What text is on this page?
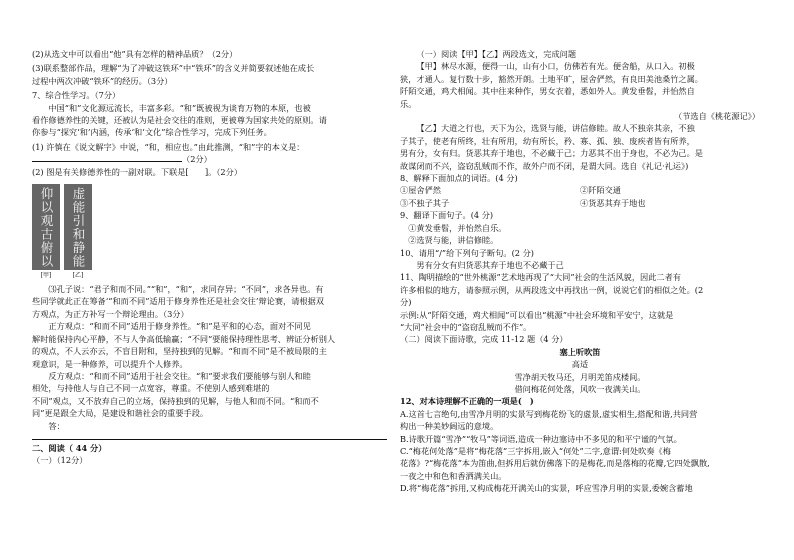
(2)从选文中可以看出“他”具有怎样的精神品质？（2分）

(3)联系整部作品，理解“为了冲破这铁环”中“铁环”的含义并简要叙述他在成长

过程中两次冲破“铁环”的经历。（3分）

7、综合性学习。（7分）

中国“和”文化源远流长，丰富多彩。“和”既被视为谈育万物的本原，也被

看作修德养性的关键，还被认为是社会交往的准则，更被尊为国家共处的原则。请

你参与“探究‘和’内涵，传承‘和’文化”综合性学习，完成下列任务。

(1) 许慎在《说文解字》中说，“和，相应也。”由此推测，“和”字的本义是：

（2分）

(2) 图是有关修德养性的一副对联。下联是[　　]。（2分）

仰以观古俯以
虚能引和静能
[甲]	[乙]

⑶孔子说：“君子和而不同。”“和”，“和”，求同存异；“不同”，求各异也。有

些同学就此正在筹备‘“和而不同”适用于修身养性还是社会交往’辩论赛，请根据双

方观点，为正方补写一个辩论理由。（3分）

正方观点：“和而不同”适用于修身养性。“和”是平和的心态，面对不同见

解时能保持内心平静，不与人争高低输赢；“不同”要能保持理性思考、辨证分析别人

的观点，不人云亦云，不盲目附和，坚持独到的见解。“和而不同”是不被局限的主

观意识，是一种修养，可以提升个人修养。

反方观点：“和而不同”适用于社会交往。“和”要求我们要能够与别人和睦

相处，与持他人与自己不同一点宽容，尊重。不使别人感到难堪的

不同”观点，又不放弃自己的立场，保持独到的见解，与他人和而不同。“和而不

同”更是跟全大局，是建设和谐社会的重要手段。

答：

二、阅读（ 44 分）

（一）（12分）

（一）阅读【甲】【乙】两段选文，完成问题

【甲】林尽水源，便得一山，山有小口，仿佛若有光。便舍船，从口入。初极

狭，才通人。复行数十步，豁然开朗。土地平旷，屋舍俨然，有良田美池桑竹之属。

阡陌交通，鸡犬相闻。其中往来种作，男女衣着，悉如外人。黄发垂髫，并怡然自

乐。

（节选自《桃花源记》）

【乙】大道之行也，天下为公，选贤与能，讲信修睦。故人不独亲其亲，不独

子其子，使老有所终，壮有所用，幼有所长，矜、寡、孤、独、废疾者皆有所养，

男有分，女有归。货恶其弃于地也，不必藏于己；力恶其不出于身也，不必为己。是

故谋闭而不兴，盗窃乱贼而不作，故外户而不闭，是谓大同。选自《礼记·礼运》)

8、解释下面加点的词语。(4 分)

①屋舍俨然	②阡陌交通
③不独子其子	④货恶其弃于地也

9、翻译下面句子。(4 分)

①黄发垂髫，并怡然自乐。

②选贤与能，讲信修睦。

10、请用“/”给下列句子断句。(2 分)

男有分女有归货恶其弃于地也不必藏于己

11、陶明描绘的“世外桃源”艺术地再现了“大同”社会的生活风貌，因此二者有

许多相似的地方，请参照示例，从两段选文中再找出一例，说说它们的相似之处。(2

分)

示例:从“阡陌交通，鸡犬相闻”可以看出“桃源”中社会环境和平安宁，这就是

“大同”社会中的“盗窃乱贼而不作”。

（二）阅读下面诗歌，完成 11-12 题（4 分）

塞上听吹笛

高适

雪净胡天牧马还，月明羌笛戍楼间。

借问梅花何处落，风吹一夜满关山。

12、对本诗理解不正确的一项是(　)

A.这首七言绝句,由雪净月明的实景写到梅花纷飞的虚景,虚实相生,搭配和谐,共同营

构出一种美妙阔远的意境。

B.诗歌开篇“雪净”“牧马”等词语,造成一种边塞诗中不多见的和平宁谧的气氛。

C.“梅花何处落”是将“梅花落”三字拆用,嵌入“何处”二字,意谓:何处吹奏《梅

花落》?“梅花落”本为笛曲,但拆用后就仿佛落下的是梅花,而是落梅的花瓣,它四处飘散,

一夜之中和色和香洒满关山。

D.将“梅花落”拆用,又构成梅花开满关山的实景，呼应雪净月明的实景,委婉含蓄地
